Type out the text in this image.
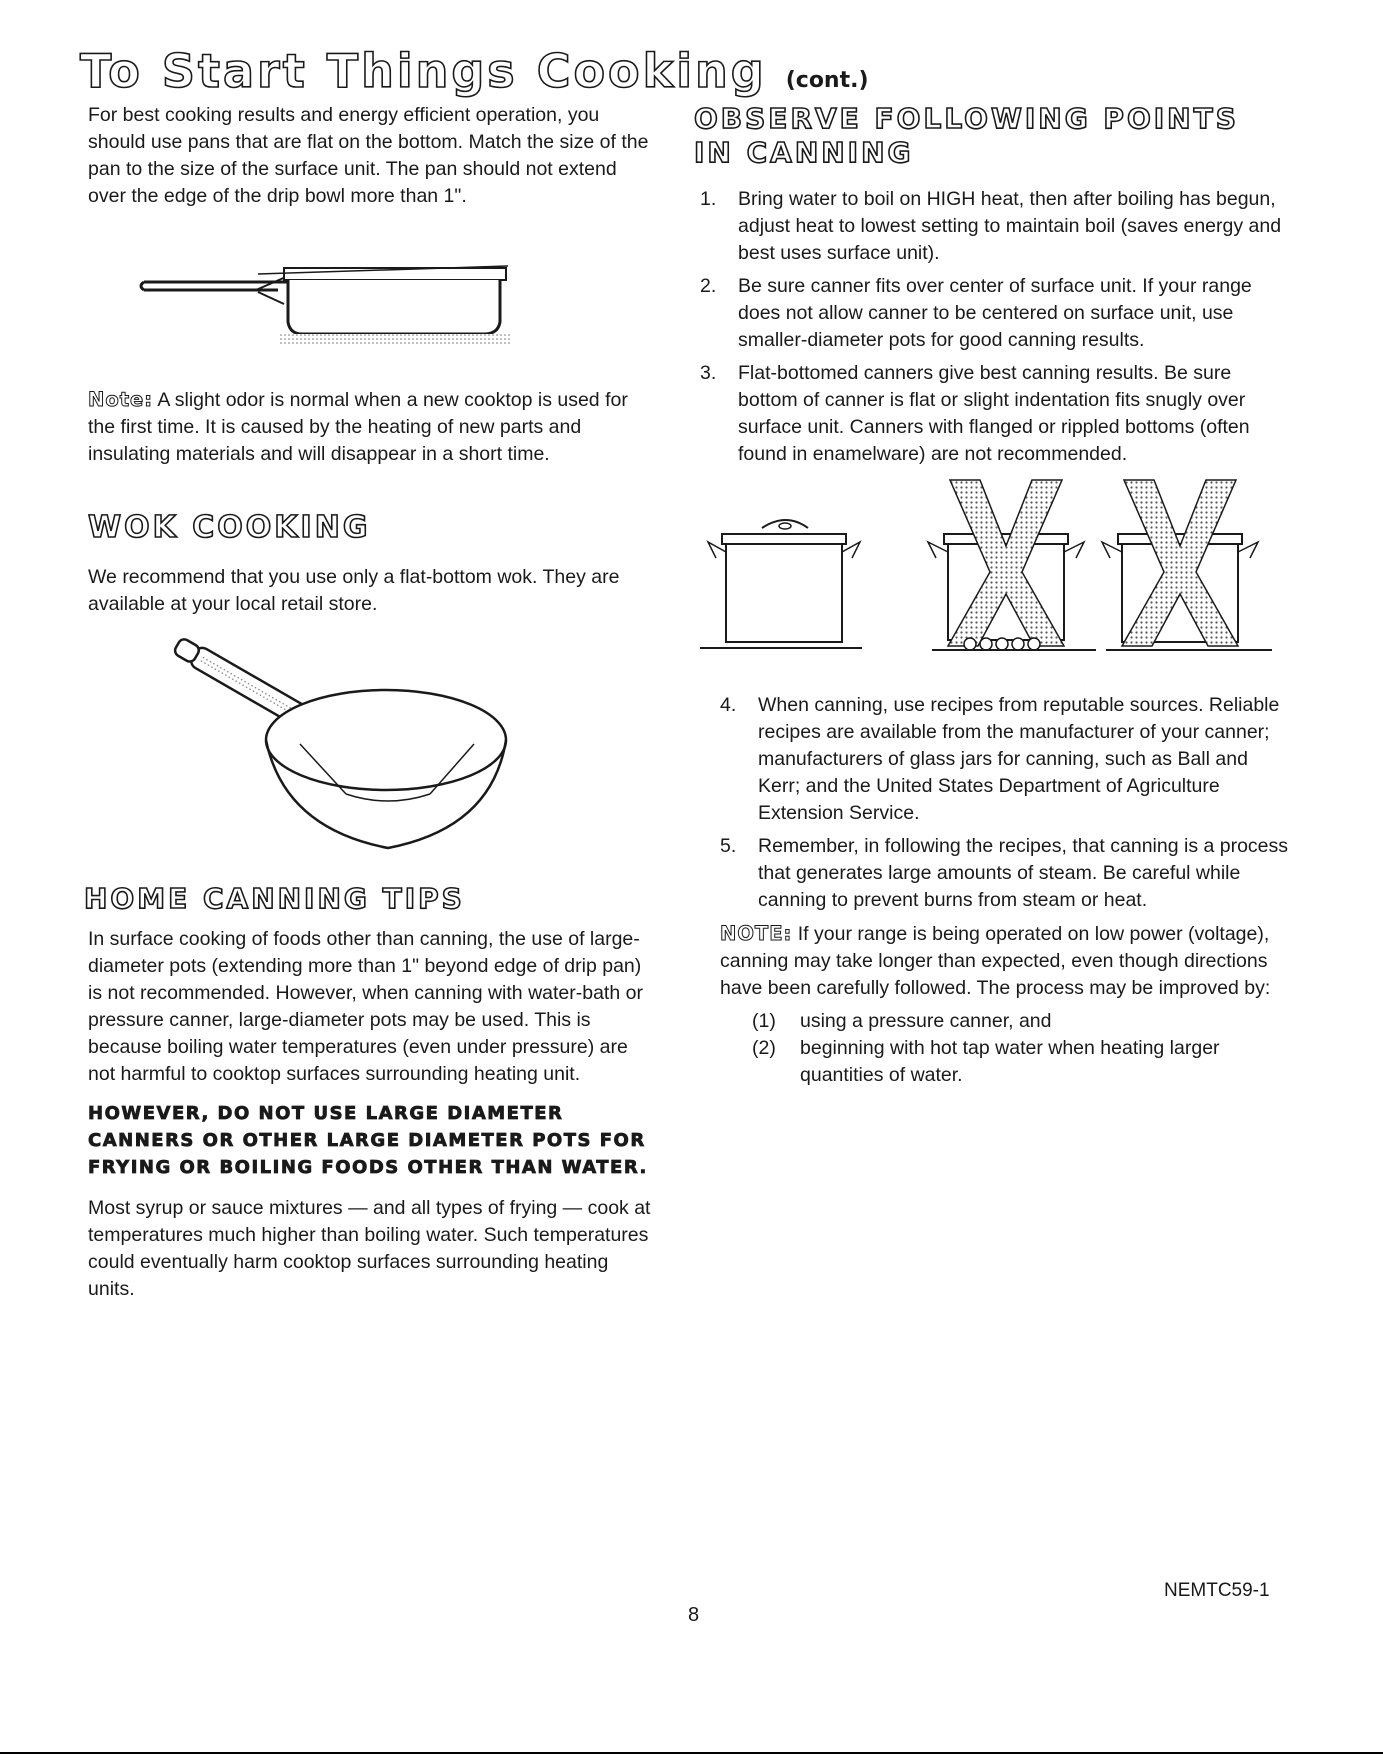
To Start Things Cooking (cont.)

For best cooking results and energy efficient operation, you should use pans that are flat on the bottom. Match the size of the pan to the size of the surface unit. The pan should not extend over the edge of the drip bowl more than 1".

Note: A slight odor is normal when a new cooktop is used for the first time. It is caused by the heating of new parts and insulating materials and will disappear in a short time.

WOK COOKING

We recommend that you use only a flat-bottom wok. They are available at your local retail store.

HOME CANNING TIPS

In surface cooking of foods other than canning, the use of large-diameter pots (extending more than 1" beyond edge of drip pan) is not recommended. However, when canning with water-bath or pressure canner, large-diameter pots may be used. This is because boiling water temperatures (even under pressure) are not harmful to cooktop surfaces surrounding heating unit.

HOWEVER, DO NOT USE LARGE DIAMETER CANNERS OR OTHER LARGE DIAMETER POTS FOR FRYING OR BOILING FOODS OTHER THAN WATER.

Most syrup or sauce mixtures — and all types of frying — cook at temperatures much higher than boiling water. Such temperatures could eventually harm cooktop surfaces surrounding heating units.

OBSERVE FOLLOWING POINTS IN CANNING
1. Bring water to boil on HIGH heat, then after boiling has begun, adjust heat to lowest setting to maintain boil (saves energy and best uses surface unit).
2. Be sure canner fits over center of surface unit. If your range does not allow canner to be centered on surface unit, use smaller-diameter pots for good canning results.
3. Flat-bottomed canners give best canning results. Be sure bottom of canner is flat or slight indentation fits snugly over surface unit. Canners with flanged or rippled bottoms (often found in enamelware) are not recommended.
4. When canning, use recipes from reputable sources. Reliable recipes are available from the manufacturer of your canner; manufacturers of glass jars for canning, such as Ball and Kerr; and the United States Department of Agriculture Extension Service.
5. Remember, in following the recipes, that canning is a process that generates large amounts of steam. Be careful while canning to prevent burns from steam or heat.

NOTE: If your range is being operated on low power (voltage), canning may take longer than expected, even though directions have been carefully followed. The process may be improved by:

(1) using a pressure canner, and
(2) beginning with hot tap water when heating larger quantities of water.
8
NEMTC59-1
